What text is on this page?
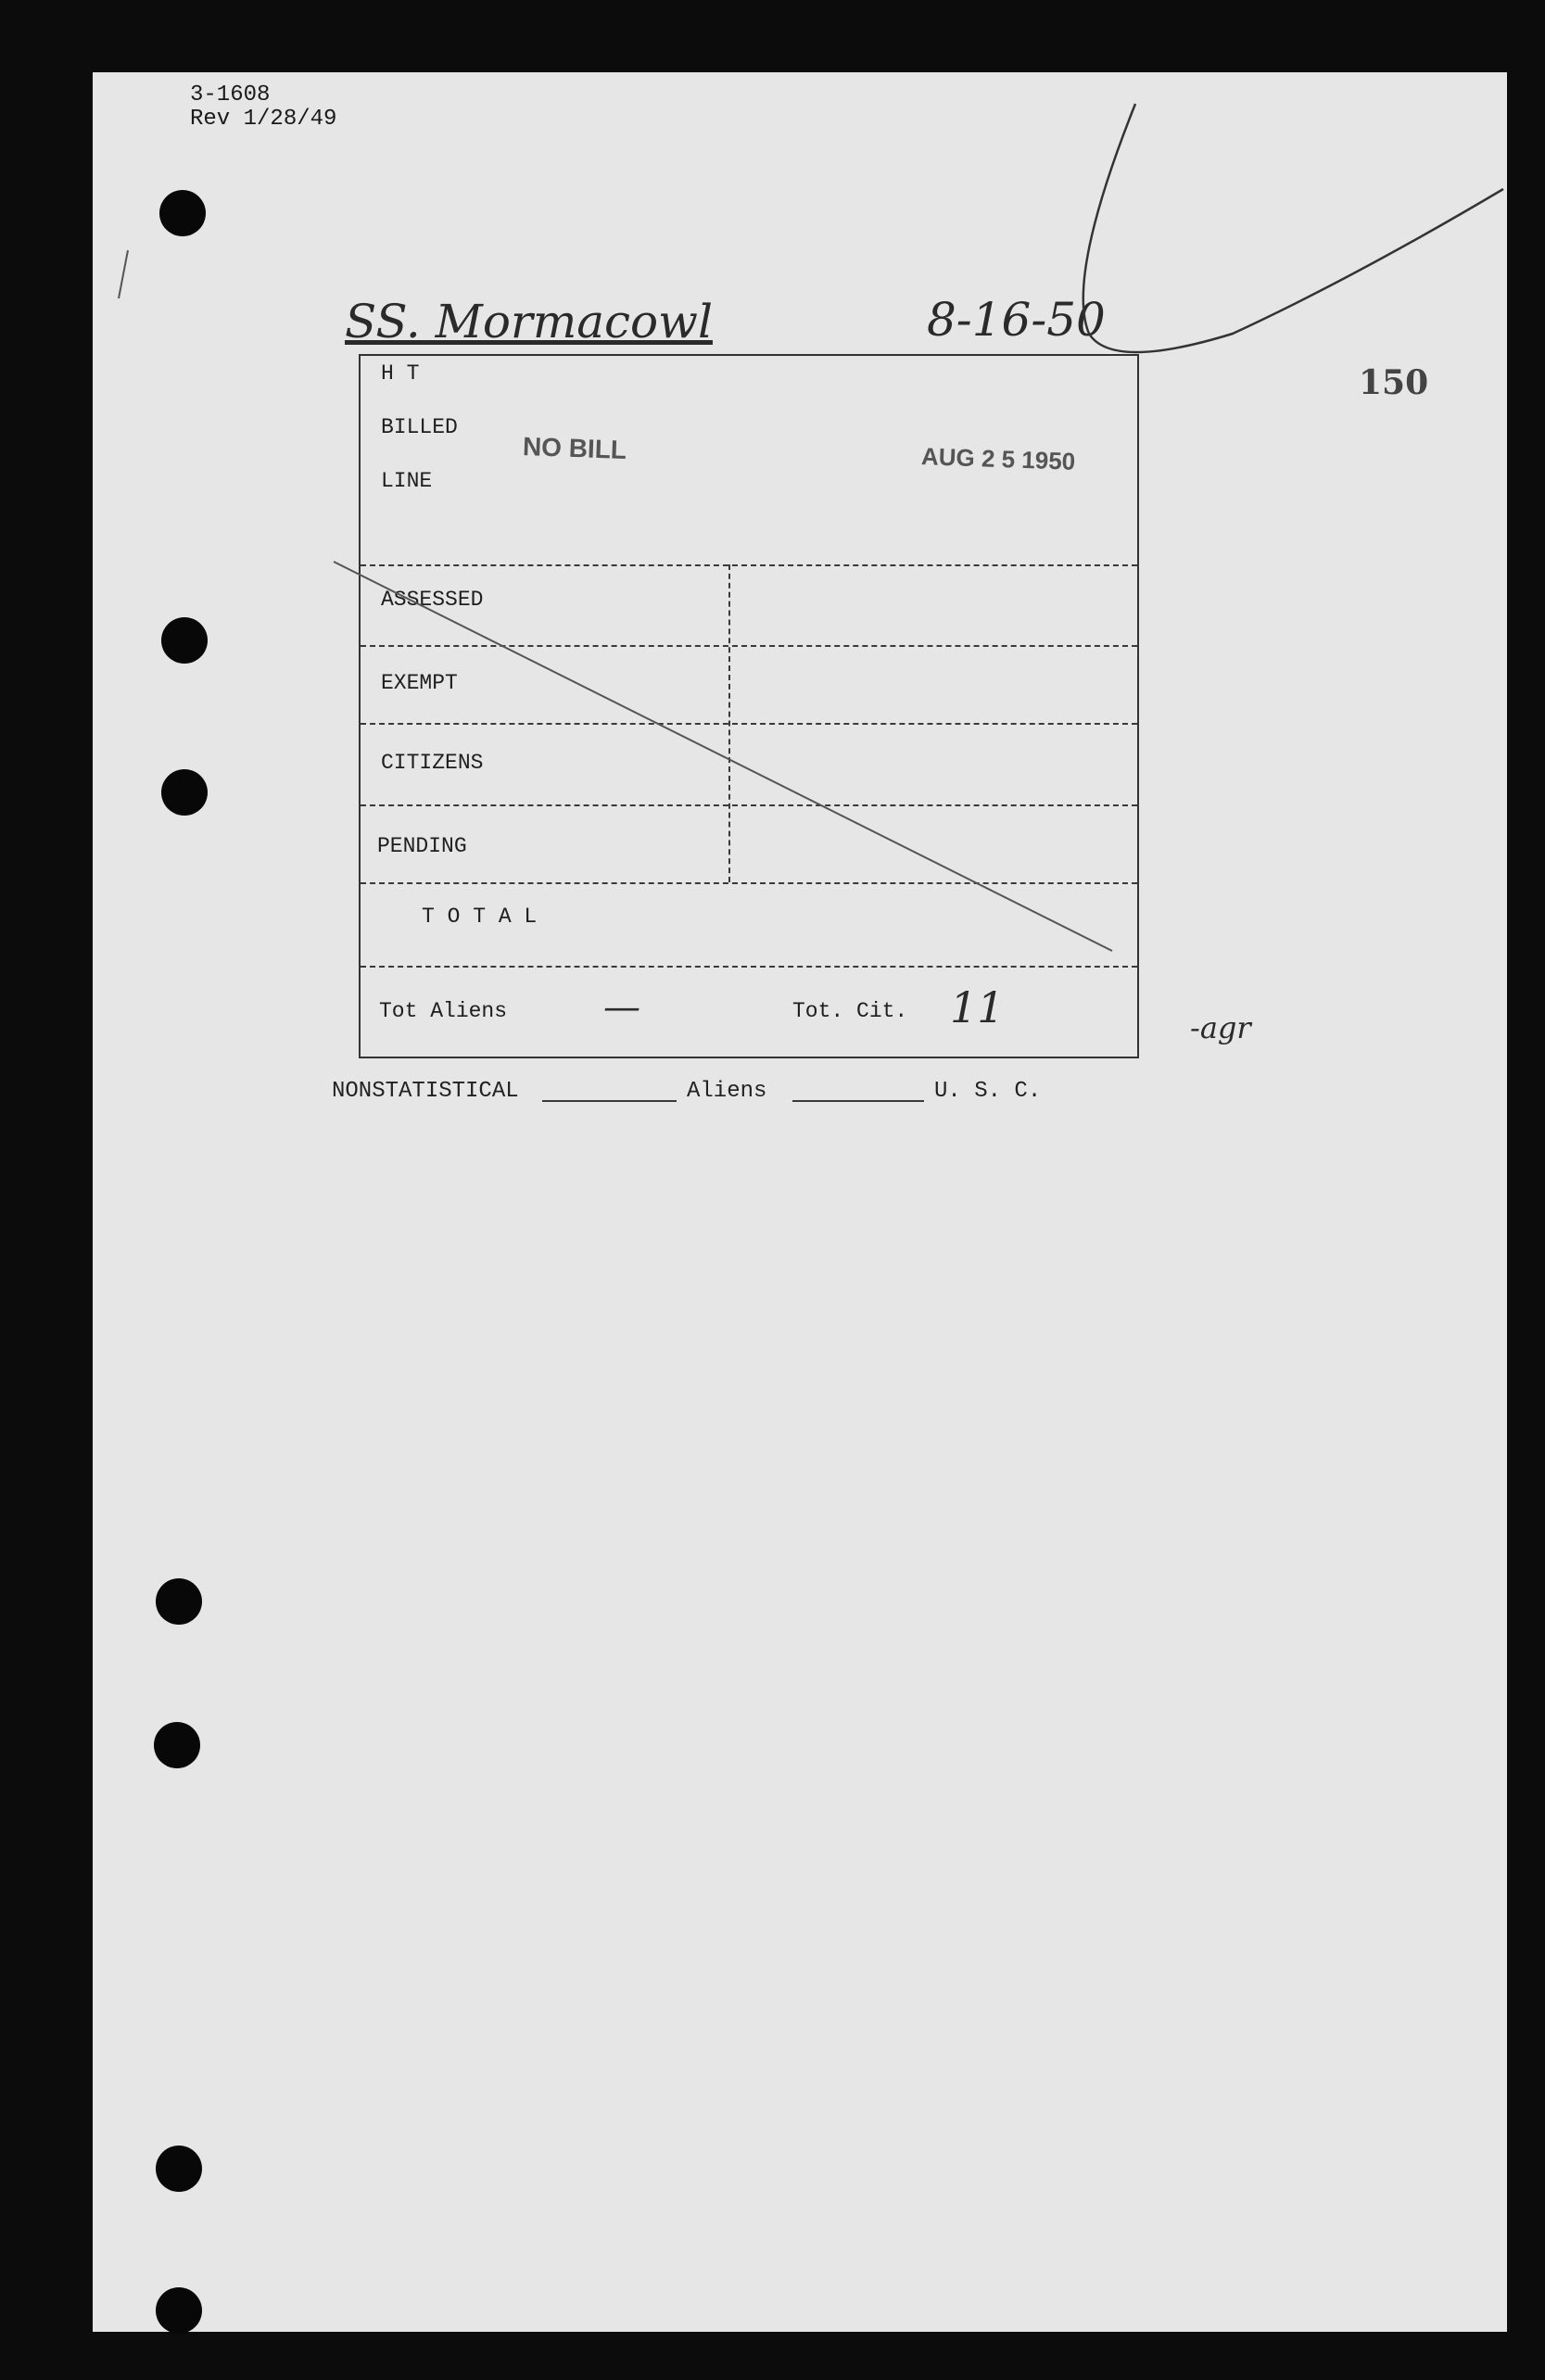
3-1608
Rev 1/28/49
SS. Mormacowl	8-16-50
150
H T
BILLED
LINE
NO BILL	AUG 2 5 1950
ASSESSED
EXEMPT
CITIZENS
PENDING
T O T A L
Tot Aliens	—	Tot. Cit. 11	-agr
NONSTATISTICAL	Aliens	U. S. C.
